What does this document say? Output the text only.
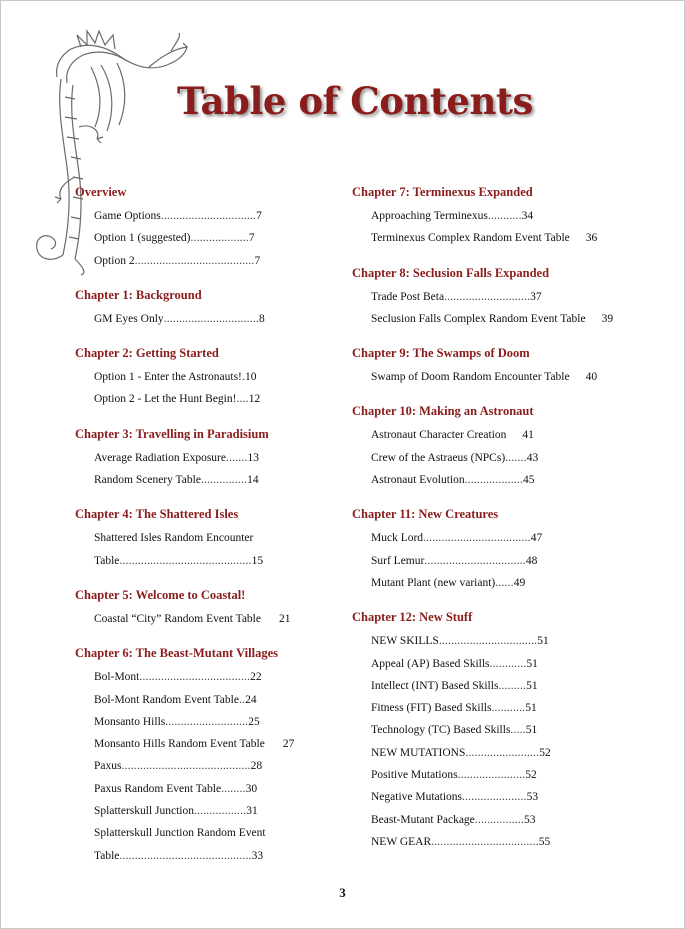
Table of Contents
Overview
Game Options...............................7
Option 1 (suggested)...................7
Option 2.......................................7
Chapter 1: Background
GM Eyes Only...............................8
Chapter 2: Getting Started
Option 1 - Enter the Astronauts!.10
Option 2 - Let the Hunt Begin!....12
Chapter 3: Travelling in Paradisium
Average Radiation Exposure.......13
Random Scenery Table...............14
Chapter 4: The Shattered Isles
Shattered Isles Random Encounter
Table...........................................15
Chapter 5: Welcome to Coastal!
Coastal “City” Random Event Table 21
Chapter 6: The Beast-Mutant Villages
Bol-Mont....................................22
Bol-Mont Random Event Table..24
Monsanto Hills...........................25
Monsanto Hills Random Event Table 27
Paxus..........................................28
Paxus Random Event Table........30
Splatterskull Junction.................31
Splatterskull Junction Random Event
Table...........................................33
Chapter 7: Terminexus Expanded
Approaching Terminexus...........34
Terminexus Complex Random Event Table 36
Chapter 8: Seclusion Falls Expanded
Trade Post Beta............................37
Seclusion Falls Complex Random Event Table 39
Chapter 9: The Swamps of Doom
Swamp of Doom Random Encounter Table 40
Chapter 10: Making an Astronaut
Astronaut Character Creation 41
Crew of the Astraeus (NPCs).......43
Astronaut Evolution...................45
Chapter 11: New Creatures
Muck Lord...................................47
Surf Lemur.................................48
Mutant Plant (new variant)......49
Chapter 12: New Stuff
NEW SKILLS................................51
Appeal (AP) Based Skills............51
Intellect (INT) Based Skills.........51
Fitness (FIT) Based Skills...........51
Technology (TC) Based Skills.....51
NEW MUTATIONS........................52
Positive Mutations......................52
Negative Mutations.....................53
Beast-Mutant Package................53
NEW GEAR...................................55
3
